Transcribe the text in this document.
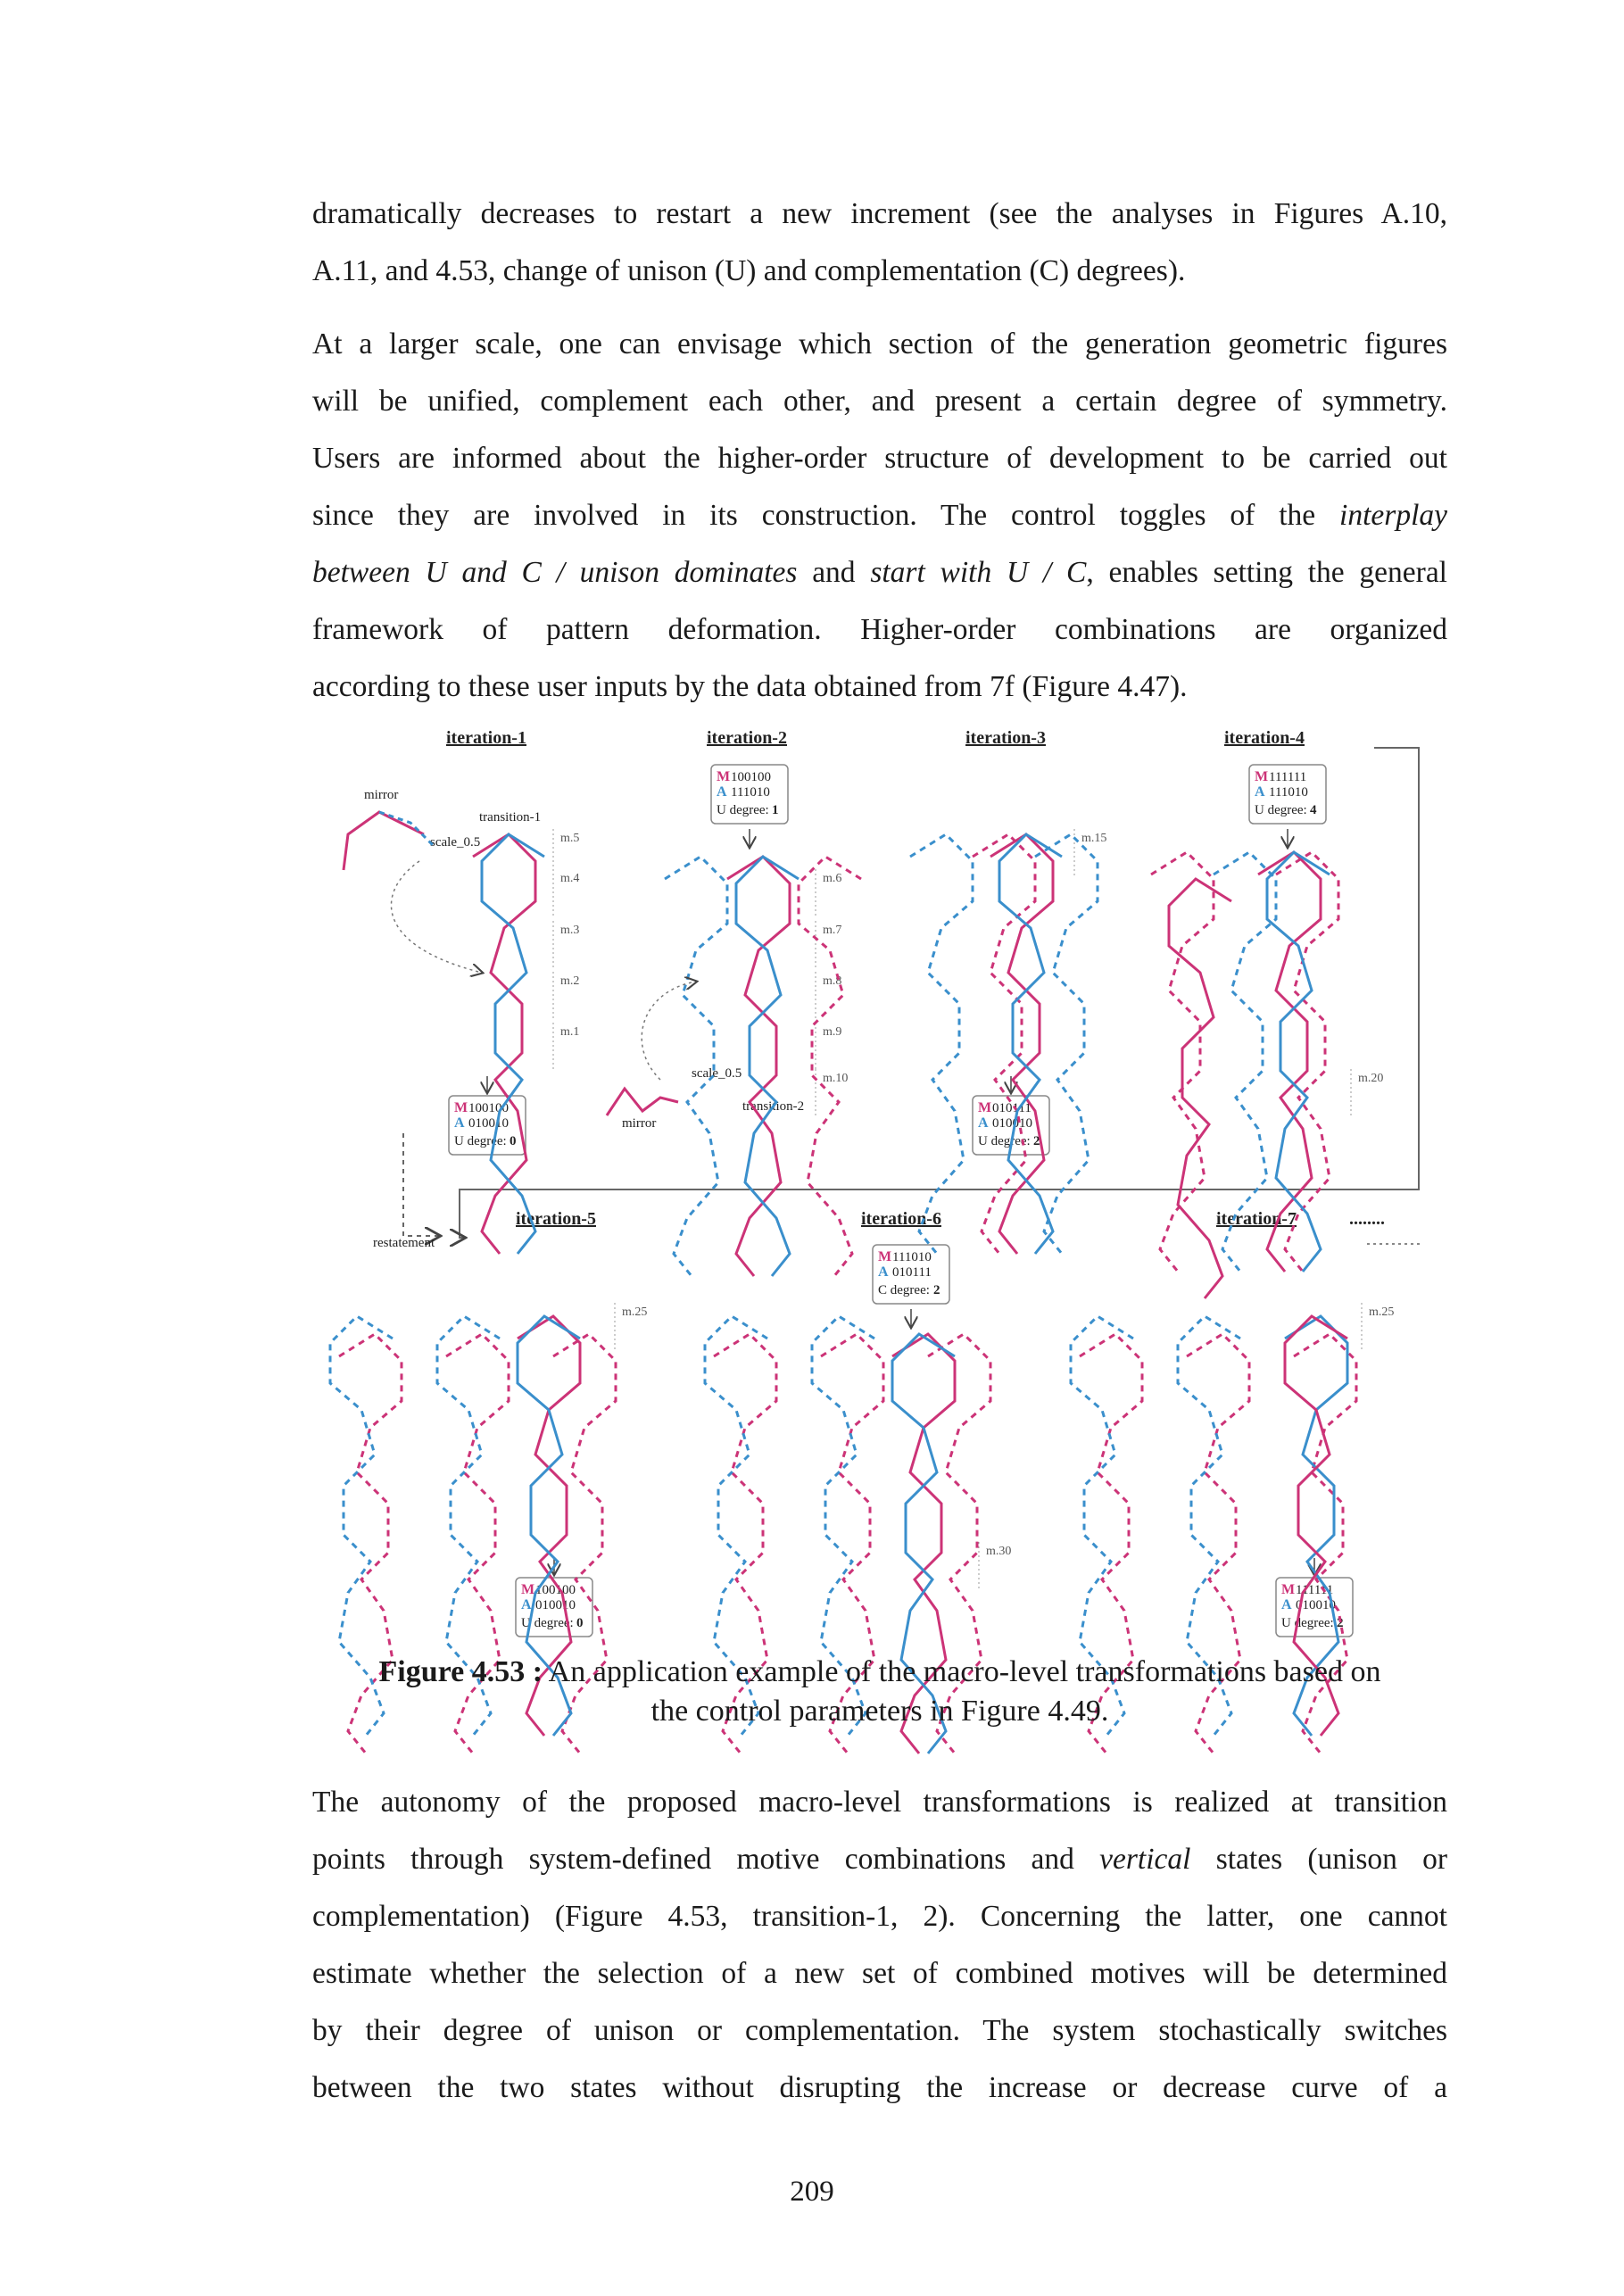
dramatically decreases to restart a new increment (see the analyses in Figures A.10,
A.11, and 4.53, change of unison (U) and complementation (C) degrees).

At a larger scale, one can envisage which section of the generation geometric figures
will be unified, complement each other, and present a certain degree of symmetry.
Users are informed about the higher-order structure of development to be carried out
since they are involved in its construction. The control toggles of the interplay
between U and C / unison dominates and start with U / C, enables setting the general
framework of pattern deformation. Higher-order combinations are organized
according to these user inputs by the data obtained from 7f (Figure 4.47).

M 100100
A 010010
U degree: 0
M 100100
A 111010
U degree: 1
M 010111
A 010010
U degree: 2
M 111111
A 111010
U degree: 4
M 111010
A 010111
C degree: 2
M 100100
A 010010
U degree: 0
M 111111
A 010010
U degree: 2
iteration-1	iteration-2	iteration-3	iteration-4
iteration-5	iteration-6	iteration-7	........
mirror
transition-1
scale_0.5
scale_0.5
mirror
transition-2
restatement
m.1
m.2
m.3
m.4
m.5
m.6
m.7
m.8
m.9
m.10
m.15
m.20
m.25
m.30
m.25
Figure 4.53 : An application example of the macro-level transformations based on
the control parameters in Figure 4.49.

The autonomy of the proposed macro-level transformations is realized at transition
points through system-defined motive combinations and vertical states (unison or
complementation) (Figure 4.53, transition-1, 2). Concerning the latter, one cannot
estimate whether the selection of a new set of combined motives will be determined
by their degree of unison or complementation. The system stochastically switches
between the two states without disrupting the increase or decrease curve of a

209
